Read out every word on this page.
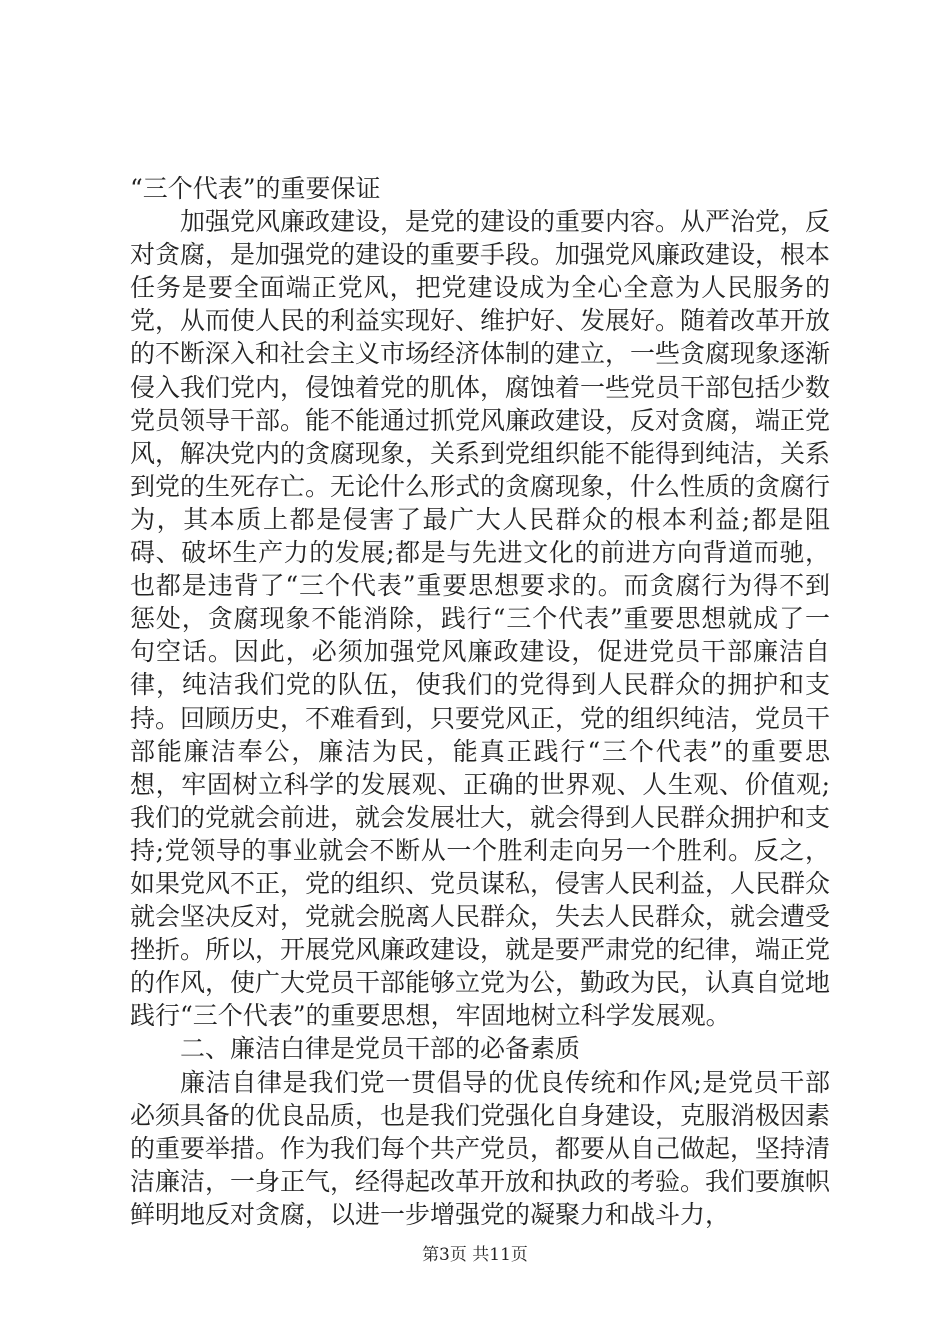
“三个代表”的重要保证

加强党风廉政建设，是党的建设的重要内容。从严治党，反对贪腐，是加强党的建设的重要手段。加强党风廉政建设，根本任务是要全面端正党风，把党建设成为全心全意为人民服务的党，从而使人民的利益实现好、维护好、发展好。随着改革开放的不断深入和社会主义市场经济体制的建立，一些贪腐现象逐渐侵入我们党内，侵蚀着党的肌体，腐蚀着一些党员干部包括少数党员领导干部。能不能通过抓党风廉政建设，反对贪腐，端正党风，解决党内的贪腐现象，关系到党组织能不能得到纯洁，关系到党的生死存亡。无论什么形式的贪腐现象，什么性质的贪腐行为，其本质上都是侵害了最广大人民群众的根本利益;都是阻碍、破坏生产力的发展;都是与先进文化的前进方向背道而驰，也都是违背了“三个代表”重要思想要求的。而贪腐行为得不到惩处，贪腐现象不能消除，践行“三个代表”重要思想就成了一句空话。因此，必须加强党风廉政建设，促进党员干部廉洁自律，纯洁我们党的队伍，使我们的党得到人民群众的拥护和支持。回顾历史，不难看到，只要党风正，党的组织纯洁，党员干部能廉洁奉公，廉洁为民，能真正践行“三个代表”的重要思想，牢固树立科学的发展观、正确的世界观、人生观、价值观;我们的党就会前进，就会发展壮大，就会得到人民群众拥护和支持;党领导的事业就会不断从一个胜利走向另一个胜利。反之，如果党风不正，党的组织、党员谋私，侵害人民利益，人民群众就会坚决反对，党就会脱离人民群众，失去人民群众，就会遭受挫折。所以，开展党风廉政建设，就是要严肃党的纪律，端正党的作风，使广大党员干部能够立党为公，勤政为民，认真自觉地践行“三个代表”的重要思想，牢固地树立科学发展观。

二、廉洁白律是党员干部的必备素质

廉洁自律是我们党一贯倡导的优良传统和作风;是党员干部必须具备的优良品质，也是我们党强化自身建设，克服消极因素的重要举措。作为我们每个共产党员，都要从自己做起，坚持清洁廉洁，一身正气，经得起改革开放和执政的考验。我们要旗帜鲜明地反对贪腐，以进一步增强党的凝聚力和战斗力，

第3页 共11页
